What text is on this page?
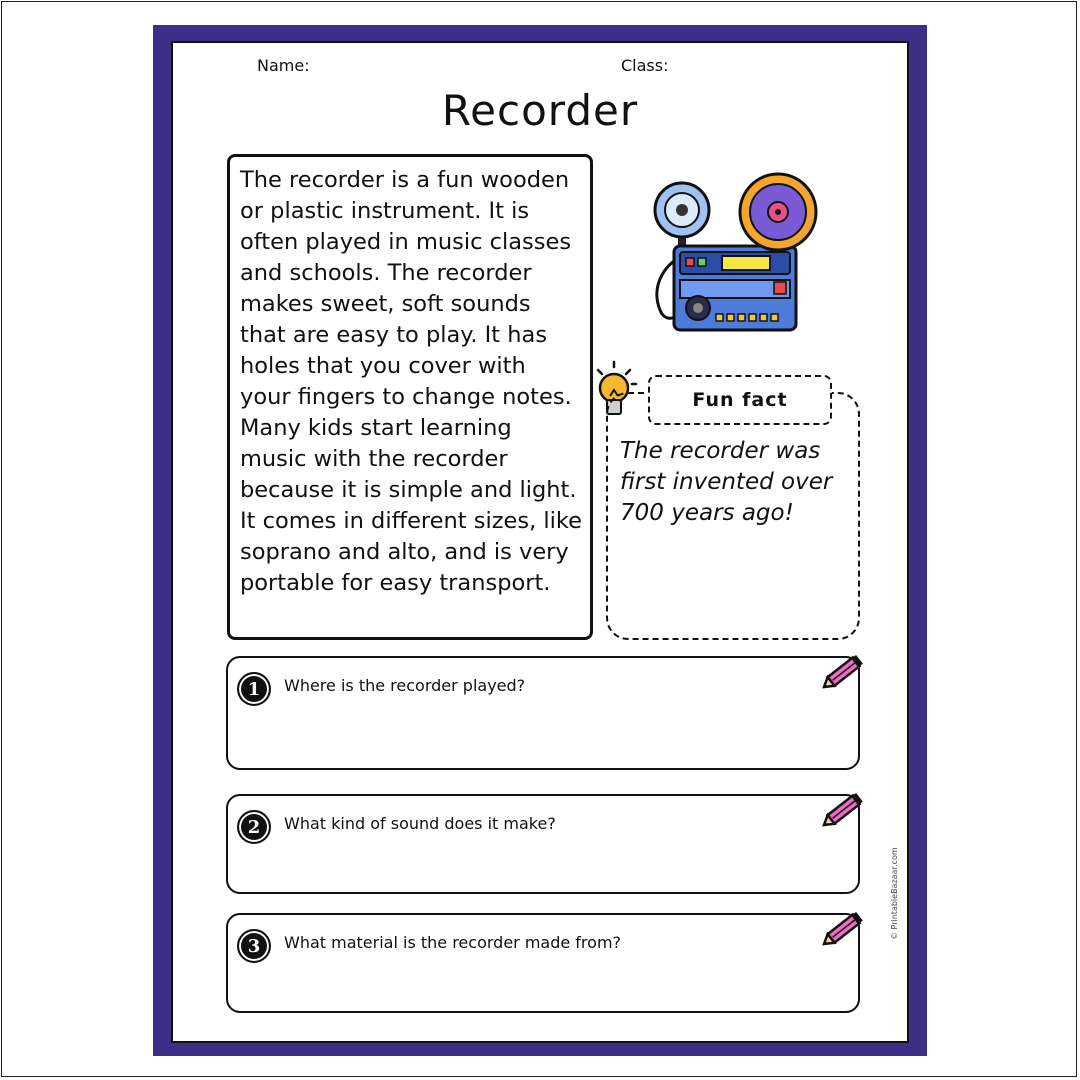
Name:	Class:
Recorder
The recorder is a fun wooden or plastic instrument. It is often played in music classes and schools. The recorder makes sweet, soft sounds that are easy to play. It has holes that you cover with your fingers to change notes. Many kids start learning music with the recorder because it is simple and light. It comes in different sizes, like soprano and alto, and is very portable for easy transport.
Fun fact
The recorder was first invented over 700 years ago!
1	Where is the recorder played?
2	What kind of sound does it make?
3	What material is the recorder made from?
© PrintableBazaar.com
